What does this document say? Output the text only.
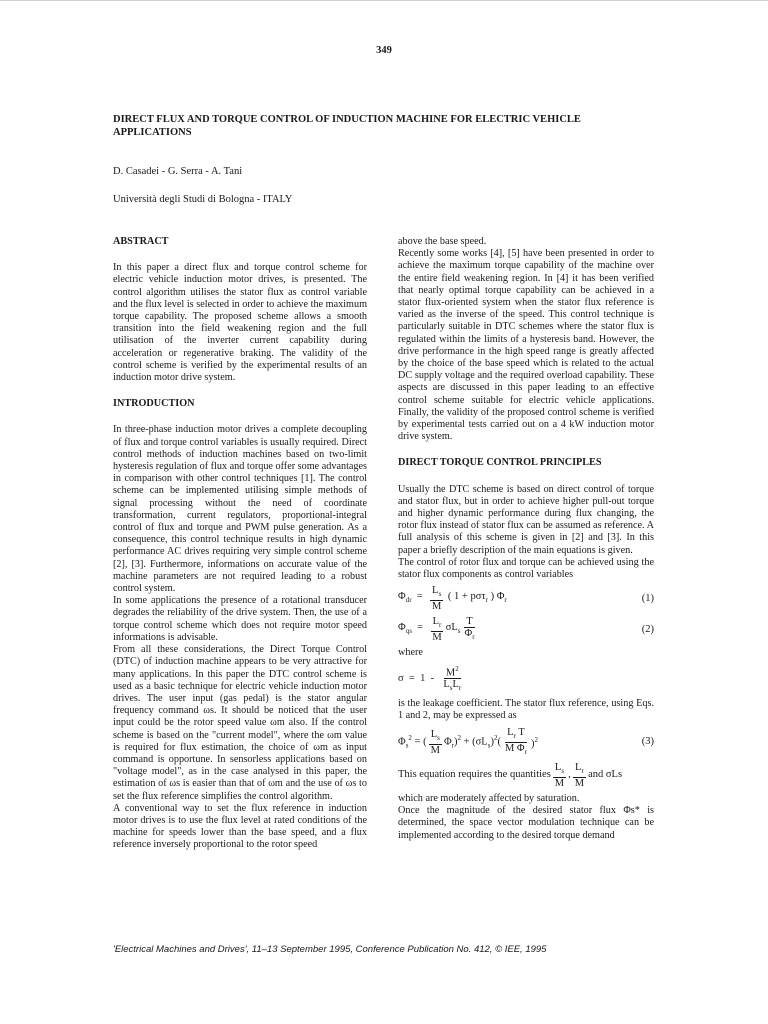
349
DIRECT FLUX AND TORQUE CONTROL OF INDUCTION MACHINE FOR ELECTRIC VEHICLE APPLICATIONS
D. Casadei - G. Serra - A. Tani
Università degli Studi di Bologna - ITALY
ABSTRACT

In this paper a direct flux and torque control scheme for electric vehicle induction motor drives, is presented. The control algorithm utilises the stator flux as control variable and the flux level is selected in order to achieve the maximum torque capability. The proposed scheme allows a smooth transition into the field weakening region and the full utilisation of the inverter current capability during acceleration or regenerative braking. The validity of the control scheme is verified by the experimental results of an induction motor drive system.

INTRODUCTION

In three-phase induction motor drives a complete decoupling of flux and torque control variables is usually required. Direct control methods of induction machines based on two-limit hysteresis regulation of flux and torque offer some advantages in comparison with other control techniques [1]. The control scheme can be implemented utilising simple methods of signal processing without the need of coordinate transformation, current regulators, proportional-integral control of flux and torque and PWM pulse generation. As a consequence, this control technique results in high dynamic performance AC drives requiring very simple control scheme [2], [3]. Furthermore, informations on accurate value of the machine parameters are not required leading to a robust control system.

In some applications the presence of a rotational transducer degrades the reliability of the drive system. Then, the use of a torque control scheme which does not require motor speed informations is advisable.

From all these considerations, the Direct Torque Control (DTC) of induction machine appears to be very attractive for many applications. In this paper the DTC control scheme is used as a basic technique for electric vehicle induction motor drives. The user input (gas pedal) is the stator angular frequency command ωs. It should be noticed that the user input could be the rotor speed value ωm also. If the control scheme is based on the "current model", where the ωm value is required for flux estimation, the choice of ωm as input command is opportune. In sensorless applications based on "voltage model", as in the case analysed in this paper, the estimation of ωs is easier than that of ωm and the use of ωs to set the flux reference simplifies the control algorithm.

A conventional way to set the flux reference in induction motor drives is to use the flux level at rated conditions of the machine for speeds lower than the base speed, and a flux reference inversely proportional to the rotor speed

above the base speed.

Recently some works [4], [5] have been presented in order to achieve the maximum torque capability of the machine over the entire field weakening region. In [4] it has been verified that nearly optimal torque capability can be achieved in a stator flux-oriented system when the stator flux reference is varied as the inverse of the speed. This control technique is particularly suitable in DTC schemes where the stator flux is regulated within the limits of a hysteresis band. However, the drive performance in the high speed range is greatly affected by the choice of the base speed which is related to the actual DC supply voltage and the required overload capability. These aspects are discussed in this paper leading to an effective control scheme suitable for electric vehicle applications. Finally, the validity of the proposed control scheme is verified by experimental tests carried out on a 4 kW induction motor drive system.

DIRECT TORQUE CONTROL PRINCIPLES

Usually the DTC scheme is based on direct control of torque and stator flux, but in order to achieve higher pull-out torque and higher dynamic performance during flux changing, the rotor flux instead of stator flux can be assumed as reference. A full analysis of this scheme is given in [2] and [3]. In this paper a briefly description of the main equations is given.

The control of rotor flux and torque can be achieved using the stator flux components as control variables

$\Phi_{dr} = \frac{L_s}{M}$ ( 1 + pστ$_r$ ) $\Phi_r$	(1)
$\Phi_{qs} = \frac{L_r}{M} \sigma L_s \frac{T}{\Phi_r}$	(2)

where

$\sigma = 1 - \frac{M^2}{L_sL_r}$

is the leakage coefficient. The stator flux reference, using Eqs. 1 and 2, may be expressed as

$\Phi_s^2$ = ( $\frac{L_s}{M} \Phi_r)^2 + (\sigma L_s)^2( \frac{L_r T}{M \Phi_r} )^2$	(3)
This equation requires the quantities $\frac{L_s}{M}$ , $\frac{L_r}{M}$ and σLs

which are moderately affected by saturation.

Once the magnitude of the desired stator flux Φs* is determined, the space vector modulation technique can be implemented according to the desired torque demand

'Electrical Machines and Drives', 11–13 September 1995, Conference Publication No. 412, © IEE, 1995
